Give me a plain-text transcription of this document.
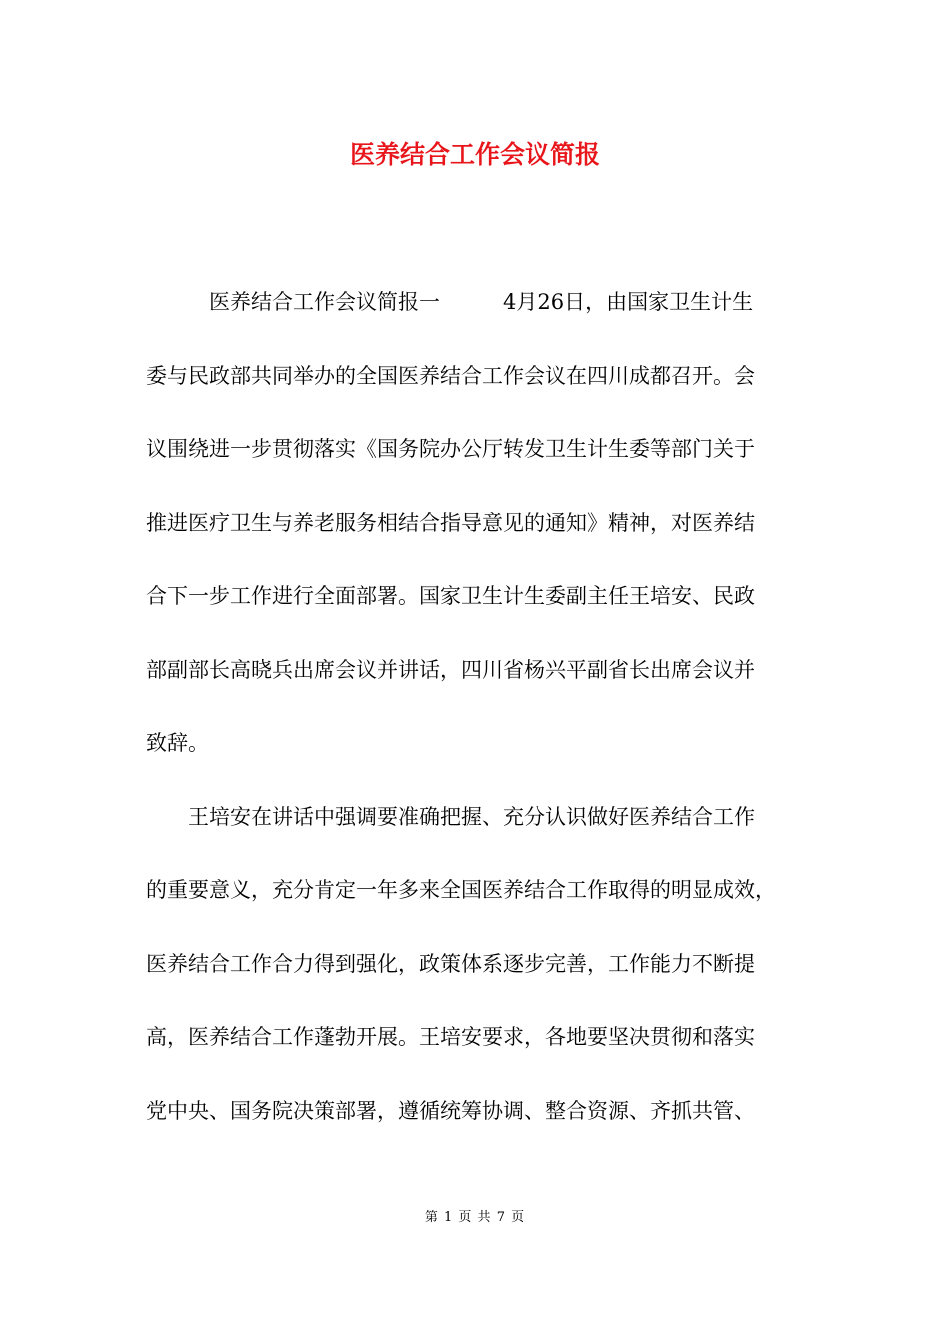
医养结合工作会议简报
　　　医养结合工作会议简报一　　　4月26日，由国家卫生计生
委与民政部共同举办的全国医养结合工作会议在四川成都召开。会
议围绕进一步贯彻落实《国务院办公厅转发卫生计生委等部门关于
推进医疗卫生与养老服务相结合指导意见的通知》精神，对医养结
合下一步工作进行全面部署。国家卫生计生委副主任王培安、民政
部副部长高晓兵出席会议并讲话，四川省杨兴平副省长出席会议并
致辞。
　　王培安在讲话中强调要准确把握、充分认识做好医养结合工作
的重要意义，充分肯定一年多来全国医养结合工作取得的明显成效，
医养结合工作合力得到强化，政策体系逐步完善，工作能力不断提
高，医养结合工作蓬勃开展。王培安要求，各地要坚决贯彻和落实
党中央、国务院决策部署，遵循统筹协调、整合资源、齐抓共管、
第 1 页 共 7 页
